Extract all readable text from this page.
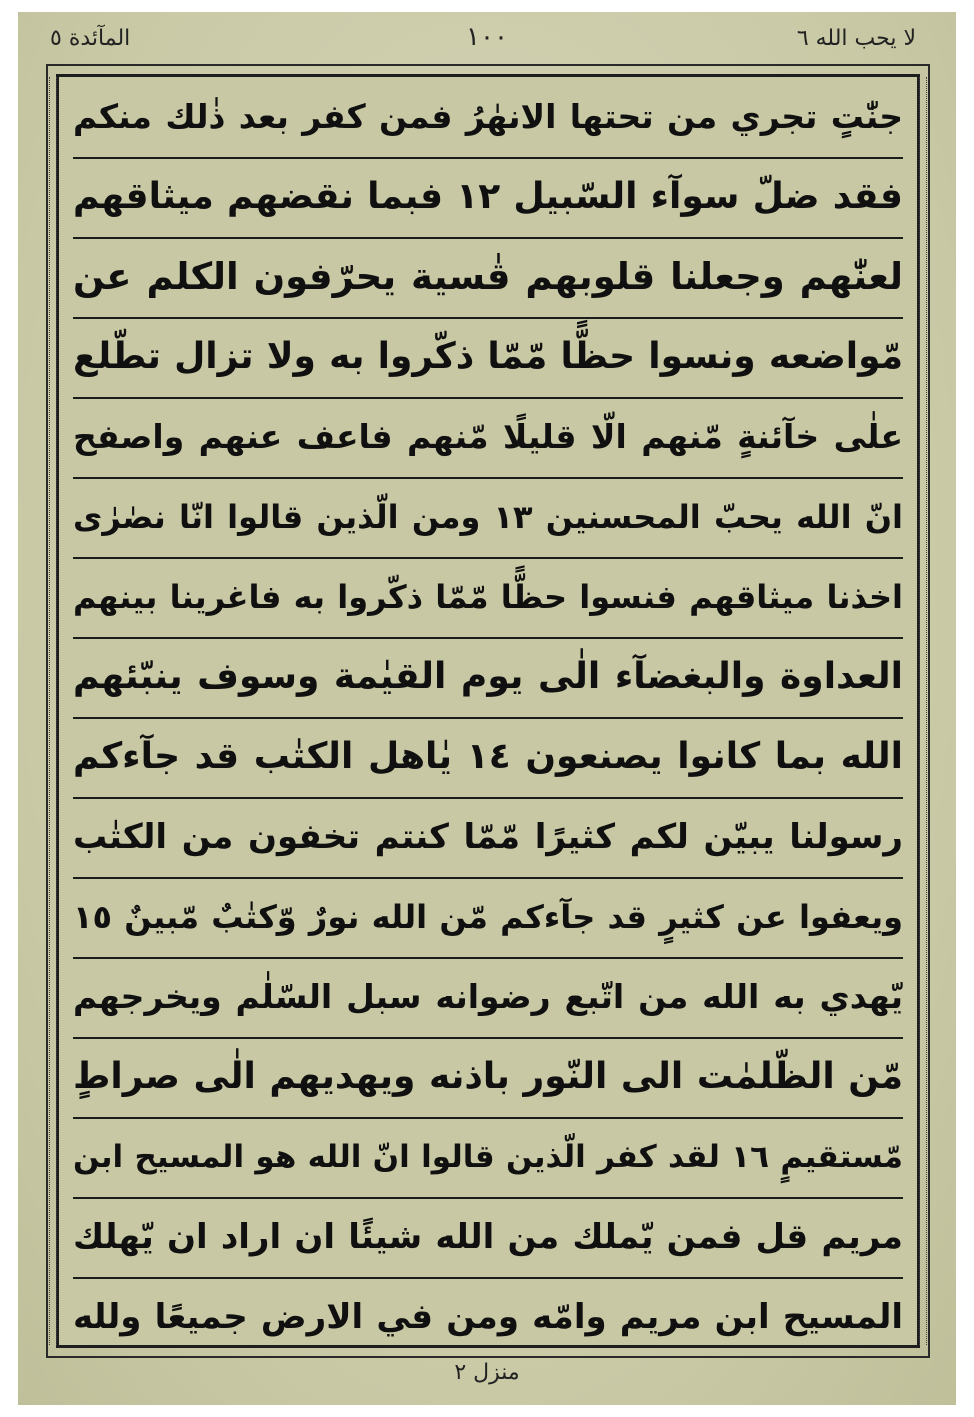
لا يحب الله ٦
١٠٠
المآئدة ٥
جنّٰتٍ تجري من تحتها الانهٰرُ فمن كفر بعد ذٰلك منكم
فقد ضلّ سوآء السّبيل ١٢ فبما نقضهم ميثاقهم
لعنّٰهم وجعلنا قلوبهم قٰسية يحرّفون الكلم عن
مّواضعه ونسوا حظًّا مّمّا ذكّروا به ولا تزال تطّلع
علٰى خآئنةٍ مّنهم الّا قليلًا مّنهم فاعف عنهم واصفح
انّ الله يحبّ المحسنين ١٣ ومن الّذين قالوا انّا نصٰرٰى
اخذنا ميثاقهم فنسوا حظًّا مّمّا ذكّروا به فاغرينا بينهم
العداوة والبغضآء الٰى يوم القيٰمة وسوف ينبّئهم
الله بما كانوا يصنعون ١٤ يٰاهل الكتٰب قد جآءكم
رسولنا يبيّن لكم كثيرًا مّمّا كنتم تخفون من الكتٰب
ويعفوا عن كثيرٍ قد جآءكم مّن الله نورٌ وّكتٰبٌ مّبينٌ ١٥
يّهدي به الله من اتّبع رضوانه سبل السّلٰم ويخرجهم
مّن الظّلمٰت الى النّور باذنه ويهديهم الٰى صراطٍ
مّستقيمٍ ١٦ لقد كفر الّذين قالوا انّ الله هو المسيح ابن
مريم قل فمن يّملك من الله شيئًا ان اراد ان يّهلك
المسيح ابن مريم وامّه ومن في الارض جميعًا ولله
منزل ٢
